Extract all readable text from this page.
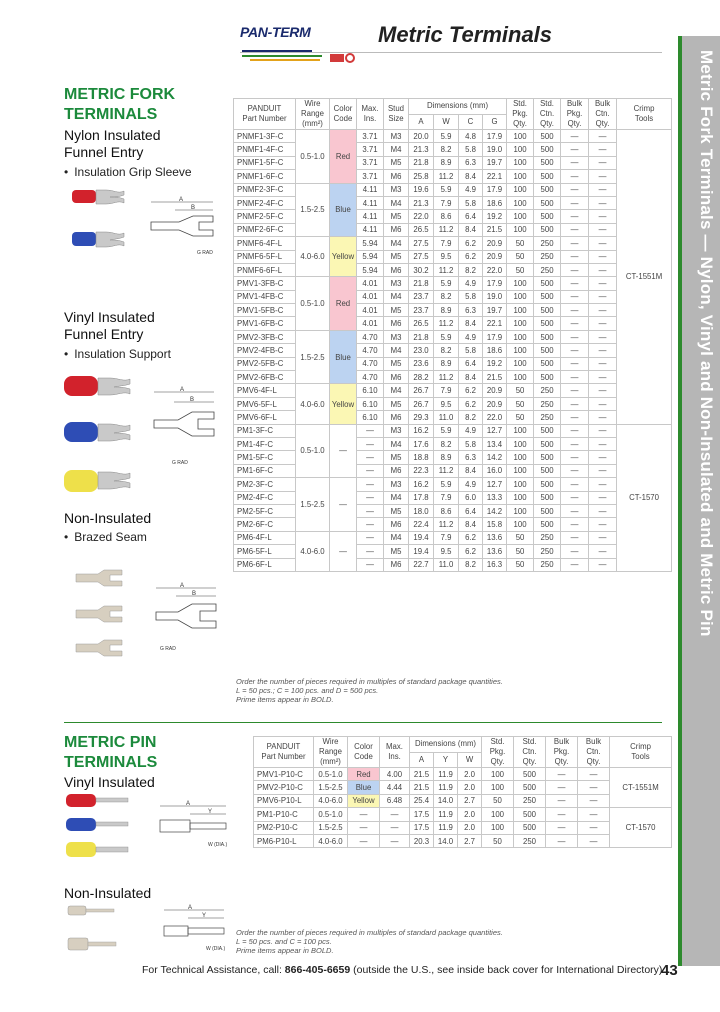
PAN-TERM	Metric Terminals
Metric Fork Terminals — Nylon, Vinyl and Non-Insulated and Metric Pin
METRIC FORK
TERMINALS
Nylon Insulated
Funnel Entry
• Insulation Grip Sleeve
A
B
G RAD
Vinyl Insulated
Funnel Entry
• Insulation Support
A
B
G RAD
Non-Insulated
• Brazed Seam
A
B
G RAD
PANDUIT
Part Number	Wire
Range
(mm²)	Color
Code	Max.
Ins.	Stud
Size	Dimensions (mm)				Std.
Pkg.
Qty.	Std.
Ctn.
Qty.	Bulk
Pkg.
Qty.	Bulk
Ctn.
Qty.	Crimp
Tools
					A	W	C	G					
PNMF1-3F-C	0.5-1.0	Red	3.71	M3	20.0	5.9	4.8	17.9	100	500	—	—	CT-1551M
PNMF1-4F-C			3.71	M4	21.3	8.2	5.8	19.0	100	500	—	—	
PNMF1-5F-C			3.71	M5	21.8	8.9	6.3	19.7	100	500	—	—	
PNMF1-6F-C			3.71	M6	25.8	11.2	8.4	22.1	100	500	—	—	
PNMF2-3F-C	1.5-2.5	Blue	4.11	M3	19.6	5.9	4.9	17.9	100	500	—	—	
PNMF2-4F-C			4.11	M4	21.3	7.9	5.8	18.6	100	500	—	—	
PNMF2-5F-C			4.11	M5	22.0	8.6	6.4	19.2	100	500	—	—	
PNMF2-6F-C			4.11	M6	26.5	11.2	8.4	21.5	100	500	—	—	
PNMF6-4F-L	4.0-6.0	Yellow	5.94	M4	27.5	7.9	6.2	20.9	50	250	—	—	
PNMF6-5F-L			5.94	M5	27.5	9.5	6.2	20.9	50	250	—	—	
PNMF6-6F-L			5.94	M6	30.2	11.2	8.2	22.0	50	250	—	—	
PMV1-3FB-C	0.5-1.0	Red	4.01	M3	21.8	5.9	4.9	17.9	100	500	—	—	
PMV1-4FB-C			4.01	M4	23.7	8.2	5.8	19.0	100	500	—	—	
PMV1-5FB-C			4.01	M5	23.7	8.9	6.3	19.7	100	500	—	—	
PMV1-6FB-C			4.01	M6	26.5	11.2	8.4	22.1	100	500	—	—	
PMV2-3FB-C	1.5-2.5	Blue	4.70	M3	21.8	5.9	4.9	17.9	100	500	—	—	
PMV2-4FB-C			4.70	M4	23.0	8.2	5.8	18.6	100	500	—	—	
PMV2-5FB-C			4.70	M5	23.6	8.9	6.4	19.2	100	500	—	—	
PMV2-6FB-C			4.70	M6	28.2	11.2	8.4	21.5	100	500	—	—	
PMV6-4F-L	4.0-6.0	Yellow	6.10	M4	26.7	7.9	6.2	20.9	50	250	—	—	
PMV6-5F-L			6.10	M5	26.7	9.5	6.2	20.9	50	250	—	—	
PMV6-6F-L			6.10	M6	29.3	11.0	8.2	22.0	50	250	—	—	
PM1-3F-C	0.5-1.0	—	—	M3	16.2	5.9	4.9	12.7	100	500	—	—	CT-1570
PM1-4F-C			—	M4	17.6	8.2	5.8	13.4	100	500	—	—	
PM1-5F-C			—	M5	18.8	8.9	6.3	14.2	100	500	—	—	
PM1-6F-C			—	M6	22.3	11.2	8.4	16.0	100	500	—	—	
PM2-3F-C	1.5-2.5	—	—	M3	16.2	5.9	4.9	12.7	100	500	—	—	
PM2-4F-C			—	M4	17.8	7.9	6.0	13.3	100	500	—	—	
PM2-5F-C			—	M5	18.0	8.6	6.4	14.2	100	500	—	—	
PM2-6F-C			—	M6	22.4	11.2	8.4	15.8	100	500	—	—	
PM6-4F-L	4.0-6.0	—	—	M4	19.4	7.9	6.2	13.6	50	250	—	—	
PM6-5F-L			—	M5	19.4	9.5	6.2	13.6	50	250	—	—	
PM6-6F-L			—	M6	22.7	11.0	8.2	16.3	50	250	—	—	
Order the number of pieces required in multiples of standard package quantities.
L = 50 pcs.; C = 100 pcs. and D = 500 pcs.
Prime items appear in BOLD.
METRIC PIN
TERMINALS
Vinyl Insulated
A
Y
W (DIA.)
Non-Insulated
A
Y
W (DIA.)
PANDUIT
Part Number	Wire
Range
(mm²)	Color
Code	Max.
Ins.	Dimensions (mm)			Std.
Pkg.
Qty.	Std.
Ctn.
Qty.	Bulk
Pkg.
Qty.	Bulk
Ctn.
Qty.	Crimp
Tools
				A	Y	W					
PMV1-P10-C	0.5-1.0	Red	4.00	21.5	11.9	2.0	100	500	—	—	CT-1551M
PMV2-P10-C	1.5-2.5	Blue	4.44	21.5	11.9	2.0	100	500	—	—	
PMV6-P10-L	4.0-6.0	Yellow	6.48	25.4	14.0	2.7	50	250	—	—	
PM1-P10-C	0.5-1.0	—	—	17.5	11.9	2.0	100	500	—	—	CT-1570
PM2-P10-C	1.5-2.5	—	—	17.5	11.9	2.0	100	500	—	—	
PM6-P10-L	4.0-6.0	—	—	20.3	14.0	2.7	50	250	—	—	
Order the number of pieces required in multiples of standard package quantities.
L = 50 pcs. and C = 100 pcs.
Prime items appear in BOLD.
For Technical Assistance, call: 866-405-6659 (outside the U.S., see inside back cover for International Directory)
43
